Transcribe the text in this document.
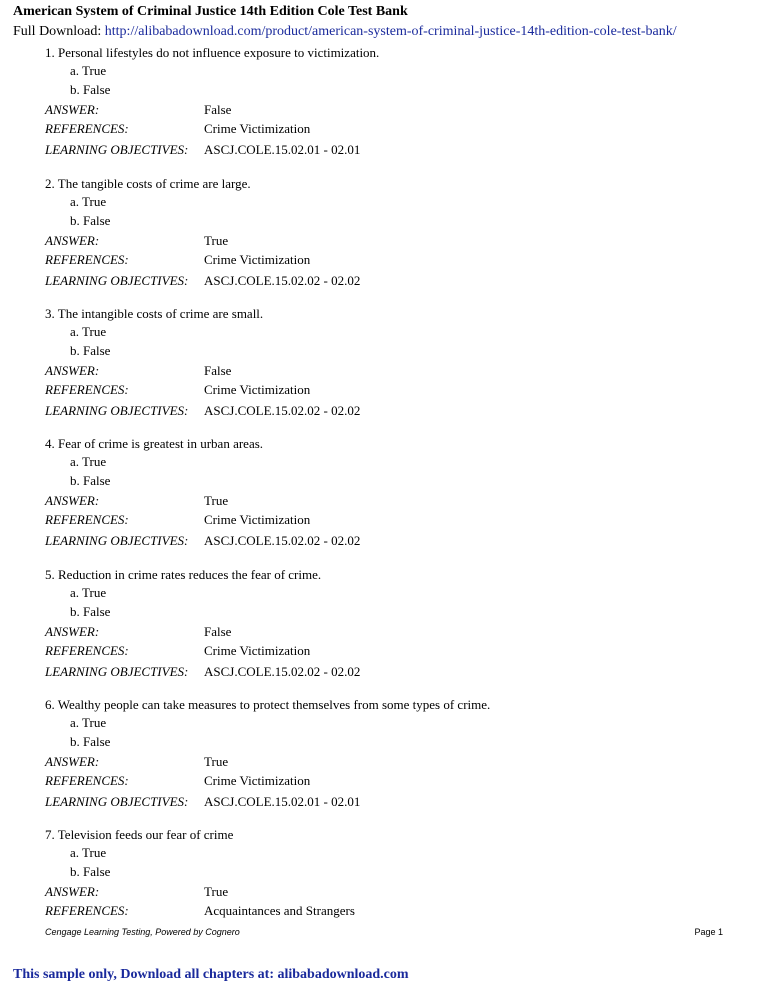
American System of Criminal Justice 14th Edition Cole Test Bank
Full Download: http://alibabadownload.com/product/american-system-of-criminal-justice-14th-edition-cole-test-bank/
1. Personal lifestyles do not influence exposure to victimization.
a. True
b. False
ANSWER:	False
REFERENCES:	Crime Victimization
LEARNING OBJECTIVES: ASCJ.COLE.15.02.01 - 02.01
2. The tangible costs of crime are large.
a. True
b. False
ANSWER:	True
REFERENCES:	Crime Victimization
LEARNING OBJECTIVES: ASCJ.COLE.15.02.02 - 02.02
3. The intangible costs of crime are small.
a. True
b. False
ANSWER:	False
REFERENCES:	Crime Victimization
LEARNING OBJECTIVES: ASCJ.COLE.15.02.02 - 02.02
4. Fear of crime is greatest in urban areas.
a. True
b. False
ANSWER:	True
REFERENCES:	Crime Victimization
LEARNING OBJECTIVES: ASCJ.COLE.15.02.02 - 02.02
5. Reduction in crime rates reduces the fear of crime.
a. True
b. False
ANSWER:	False
REFERENCES:	Crime Victimization
LEARNING OBJECTIVES: ASCJ.COLE.15.02.02 - 02.02
6. Wealthy people can take measures to protect themselves from some types of crime.
a. True
b. False
ANSWER:	True
REFERENCES:	Crime Victimization
LEARNING OBJECTIVES: ASCJ.COLE.15.02.01 - 02.01
7. Television feeds our fear of crime
a. True
b. False
ANSWER:	True
REFERENCES:	Acquaintances and Strangers
Cengage Learning Testing, Powered by Cognero	Page 1
This sample only, Download all chapters at: alibabadownload.com
